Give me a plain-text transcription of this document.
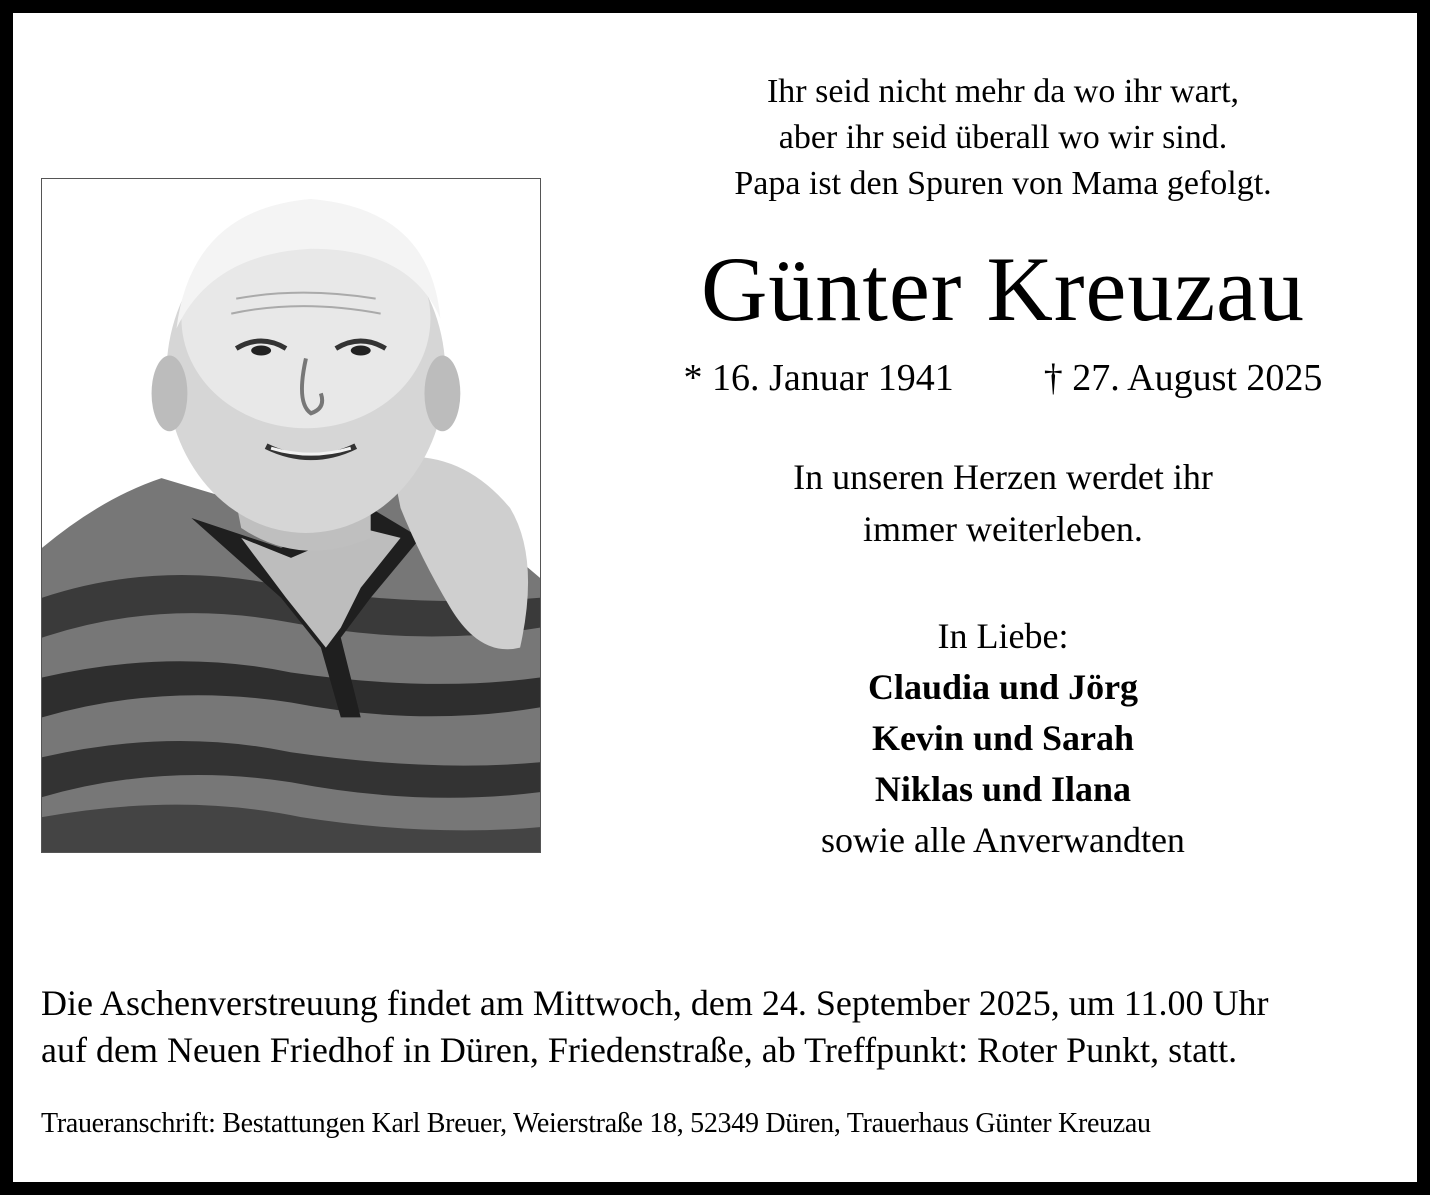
Ihr seid nicht mehr da wo ihr wart,
aber ihr seid überall wo wir sind.
Papa ist den Spuren von Mama gefolgt.
Günter Kreuzau
* 16. Januar 1941 † 27. August 2025
In unseren Herzen werdet ihr
immer weiterleben.
In Liebe:
Claudia und Jörg
Kevin und Sarah
Niklas und Ilana
sowie alle Anverwandten
Die Aschenverstreuung findet am Mittwoch, dem 24. September 2025, um 11.00 Uhr
auf dem Neuen Friedhof in Düren, Friedenstraße, ab Treffpunkt: Roter Punkt, statt.
Traueranschrift: Bestattungen Karl Breuer, Weierstraße 18, 52349 Düren, Trauerhaus Günter Kreuzau
